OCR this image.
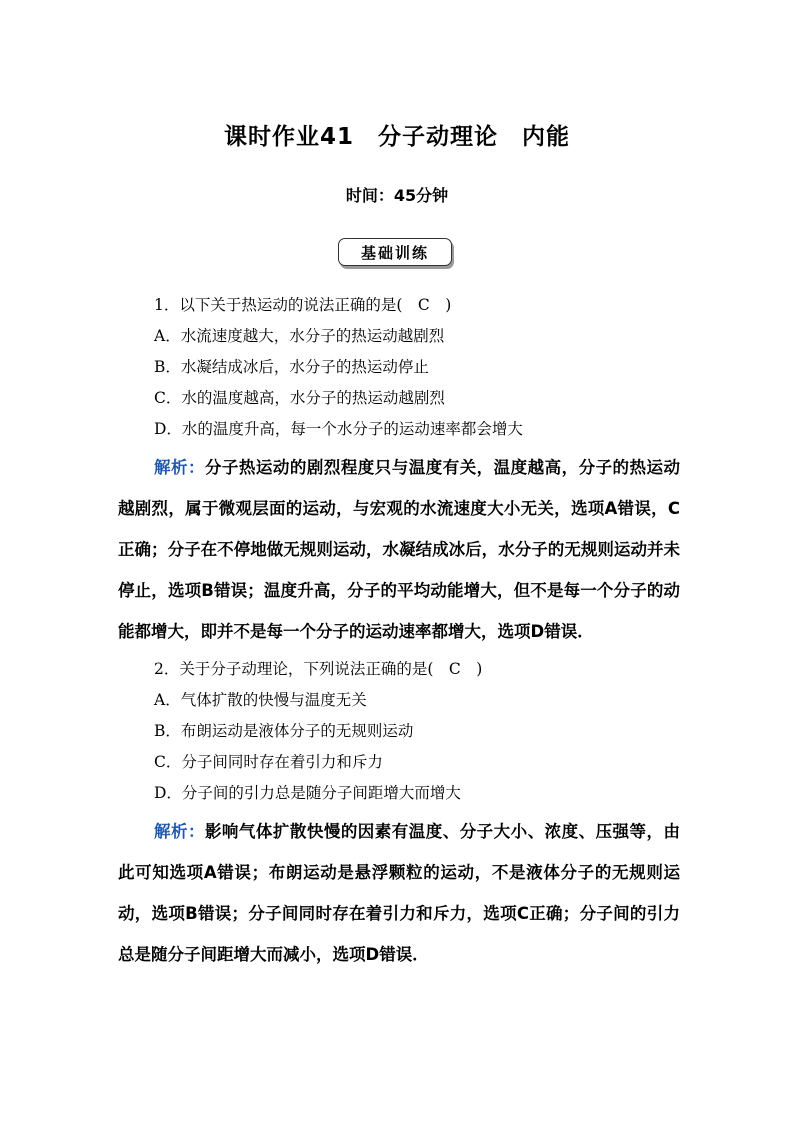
课时作业41　分子动理论　内能
时间：45分钟
基础训练
1．以下关于热运动的说法正确的是(　C　)
A．水流速度越大，水分子的热运动越剧烈
B．水凝结成冰后，水分子的热运动停止
C．水的温度越高，水分子的热运动越剧烈
D．水的温度升高，每一个水分子的运动速率都会增大
解析：分子热运动的剧烈程度只与温度有关，温度越高，分子的热运动越剧烈，属于微观层面的运动，与宏观的水流速度大小无关，选项A错误，C正确；分子在不停地做无规则运动，水凝结成冰后，水分子的无规则运动并未停止，选项B错误；温度升高，分子的平均动能增大，但不是每一个分子的动能都增大，即并不是每一个分子的运动速率都增大，选项D错误．
2．关于分子动理论，下列说法正确的是(　C　)
A．气体扩散的快慢与温度无关
B．布朗运动是液体分子的无规则运动
C．分子间同时存在着引力和斥力
D．分子间的引力总是随分子间距增大而增大
解析：影响气体扩散快慢的因素有温度、分子大小、浓度、压强等，由此可知选项A错误；布朗运动是悬浮颗粒的运动，不是液体分子的无规则运动，选项B错误；分子间同时存在着引力和斥力，选项C正确；分子间的引力总是随分子间距增大而减小，选项D错误．
